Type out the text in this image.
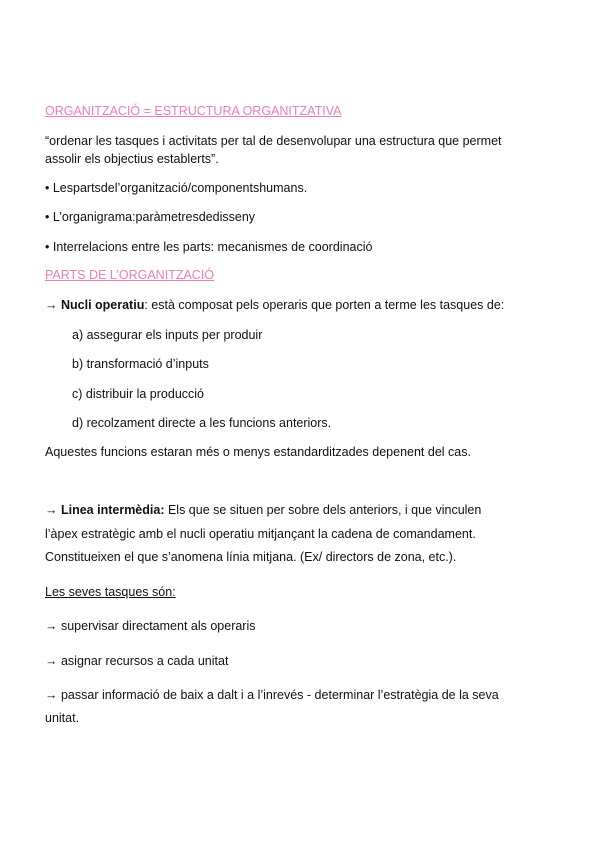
ORGANITZACIÓ = ESTRUCTURA ORGANITZATIVA
“ordenar les tasques i activitats per tal de desenvolupar una estructura que permet
assolir els objectius establerts”.
• Lespartsdel’organització/componentshumans.
• L’organigrama:paràmetresdedisseny
• Interrelacions entre les parts: mecanismes de coordinació
PARTS DE L’ORGANITZACIÓ
→ Nucli operatiu: està composat pels operaris que porten a terme les tasques de:
a) assegurar els inputs per produir
b) transformació d’inputs
c) distribuir la producció
d) recolzament directe a les funcions anteriors.
Aquestes funcions estaran més o menys estandarditzades depenent del cas.
→ Linea intermèdia: Els que se situen per sobre dels anteriors, i que vinculen
l’àpex estratègic amb el nucli operatiu mitjançant la cadena de comandament.
Constitueixen el que s’anomena línia mitjana. (Ex/ directors de zona, etc.).
Les seves tasques són:
→ supervisar directament als operaris
→ asignar recursos a cada unitat
→ passar informació de baix a dalt i a l’inrevés - determinar l’estratègia de la seva
unitat.
